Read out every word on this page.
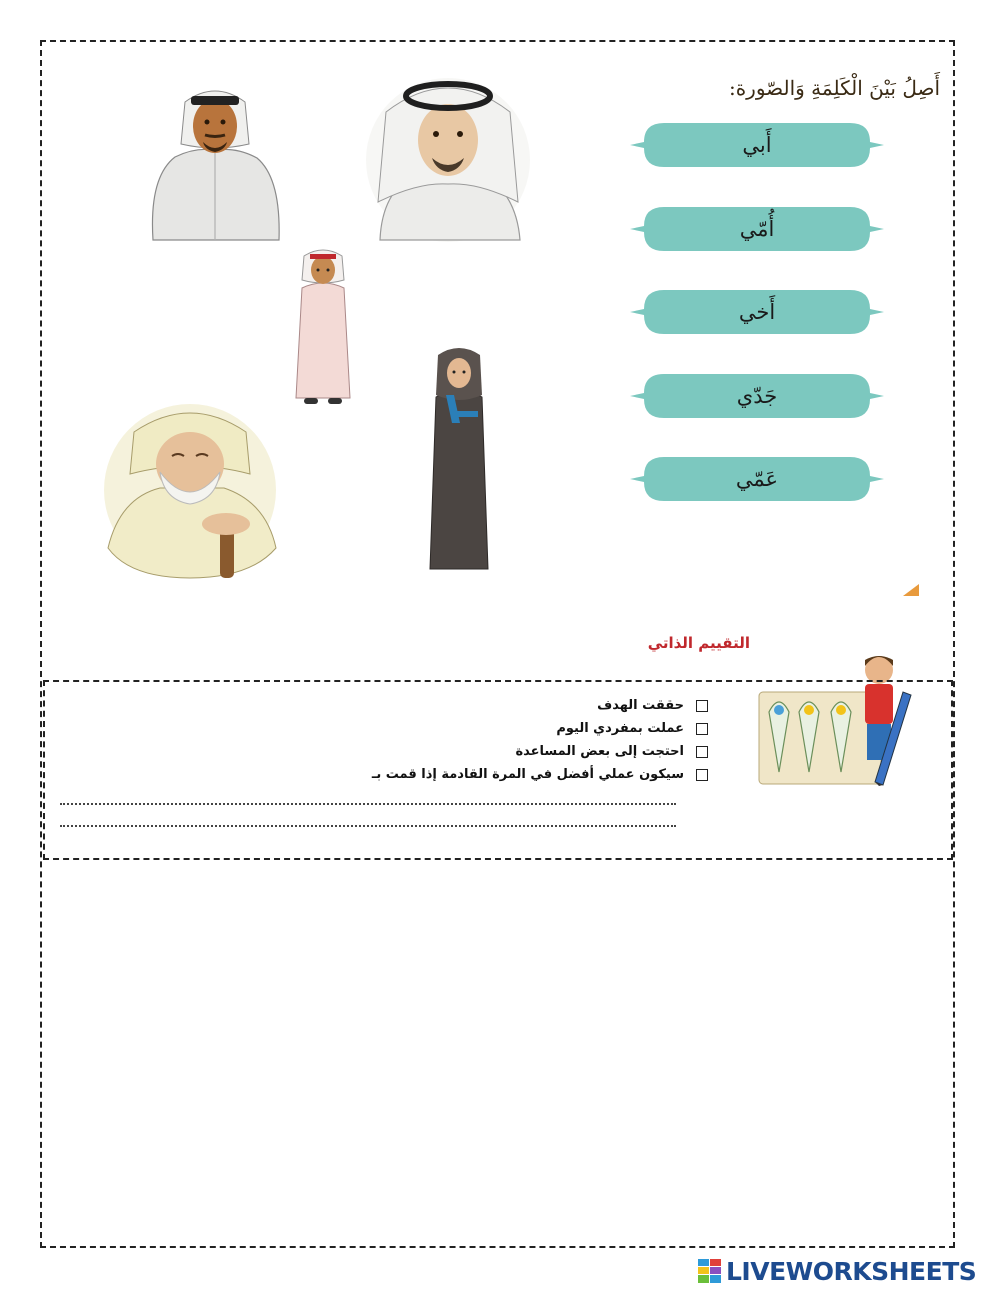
أَصِلُ بَيْنَ الْكَلِمَةِ وَالصّورة:
أَبي
أُمّي
أَخي
جَدّي
عَمّي
التقييم الذاتي
حققت الهدف
عملت بمفردي اليوم
احتجت إلى بعض المساعدة
سيكون عملي أفضل في المرة القادمة إذا قمت بـ
LIVEWORKSHEETS
